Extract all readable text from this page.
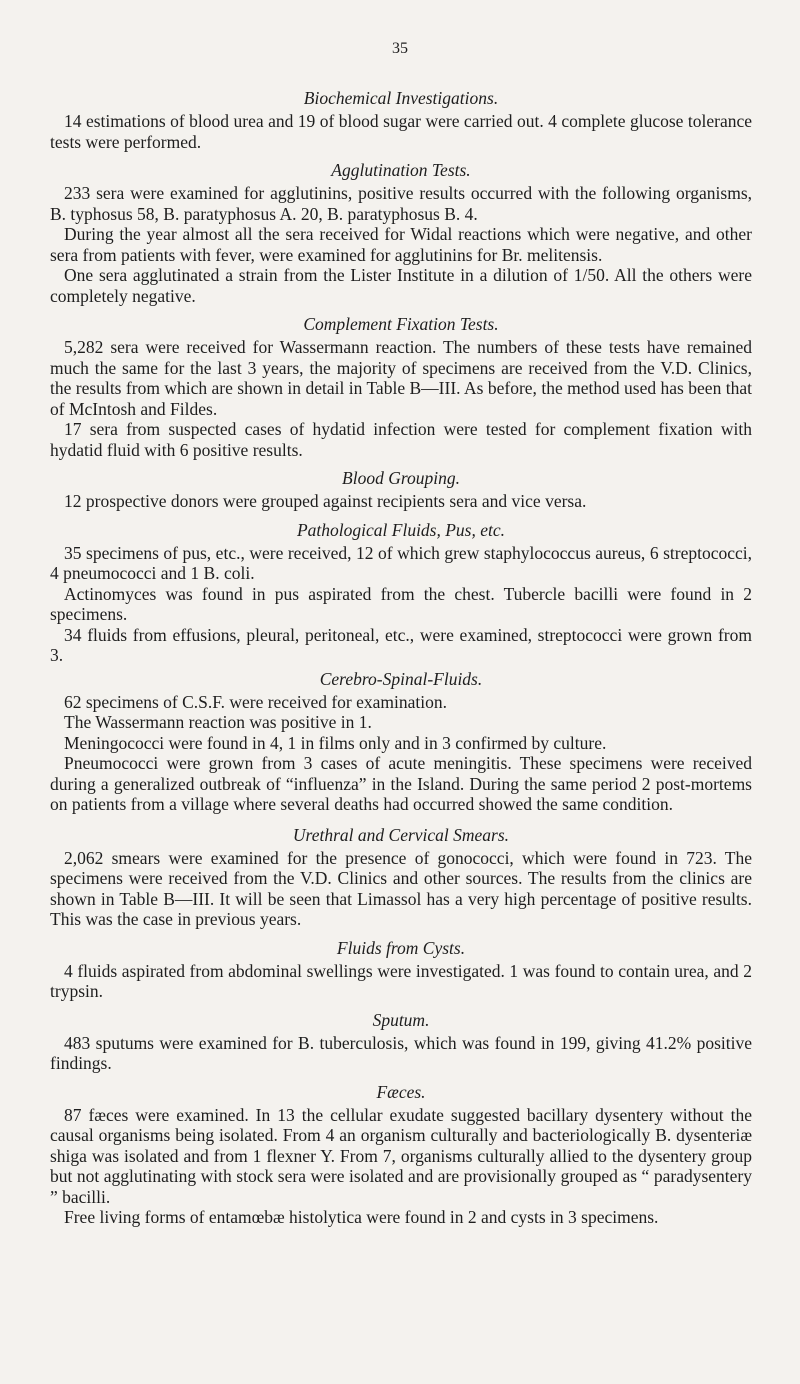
35

Biochemical Investigations.

14 estimations of blood urea and 19 of blood sugar were carried out. 4 complete glucose tolerance tests were performed.

Agglutination Tests.

233 sera were examined for agglutinins, positive results occurred with the following organisms, B. typhosus 58, B. paratyphosus A. 20, B. paratyphosus B. 4.

During the year almost all the sera received for Widal reactions which were negative, and other sera from patients with fever, were examined for agglutinins for Br. melitensis.

One sera agglutinated a strain from the Lister Institute in a dilution of 1/50. All the others were completely negative.

Complement Fixation Tests.

5,282 sera were received for Wassermann reaction. The numbers of these tests have remained much the same for the last 3 years, the majority of specimens are received from the V.D. Clinics, the results from which are shown in detail in Table B—III. As before, the method used has been that of McIntosh and Fildes.

17 sera from suspected cases of hydatid infection were tested for complement fixation with hydatid fluid with 6 positive results.

Blood Grouping.

12 prospective donors were grouped against recipients sera and vice versa.

Pathological Fluids, Pus, etc.

35 specimens of pus, etc., were received, 12 of which grew staphylococcus aureus, 6 streptococci, 4 pneumococci and 1 B. coli.

Actinomyces was found in pus aspirated from the chest. Tubercle bacilli were found in 2 specimens.

34 fluids from effusions, pleural, peritoneal, etc., were examined, streptococci were grown from 3.

Cerebro-Spinal-Fluids.

62 specimens of C.S.F. were received for examination.

The Wassermann reaction was positive in 1.

Meningococci were found in 4, 1 in films only and in 3 confirmed by culture.

Pneumococci were grown from 3 cases of acute meningitis. These specimens were received during a generalized outbreak of “influenza” in the Island. During the same period 2 post-mortems on patients from a village where several deaths had occurred showed the same condition.

Urethral and Cervical Smears.

2,062 smears were examined for the presence of gonococci, which were found in 723. The specimens were received from the V.D. Clinics and other sources. The results from the clinics are shown in Table B—III. It will be seen that Limassol has a very high percentage of positive results. This was the case in previous years.

Fluids from Cysts.

4 fluids aspirated from abdominal swellings were investigated. 1 was found to contain urea, and 2 trypsin.

Sputum.

483 sputums were examined for B. tuberculosis, which was found in 199, giving 41.2% positive findings.

Fæces.

87 fæces were examined. In 13 the cellular exudate suggested bacillary dysentery without the causal organisms being isolated. From 4 an organism culturally and bacteriologically B. dysenteriæ shiga was isolated and from 1 flexner Y. From 7, organisms culturally allied to the dysentery group but not agglutinating with stock sera were isolated and are provisionally grouped as “ paradysentery ” bacilli.

Free living forms of entamœbæ histolytica were found in 2 and cysts in 3 specimens.
